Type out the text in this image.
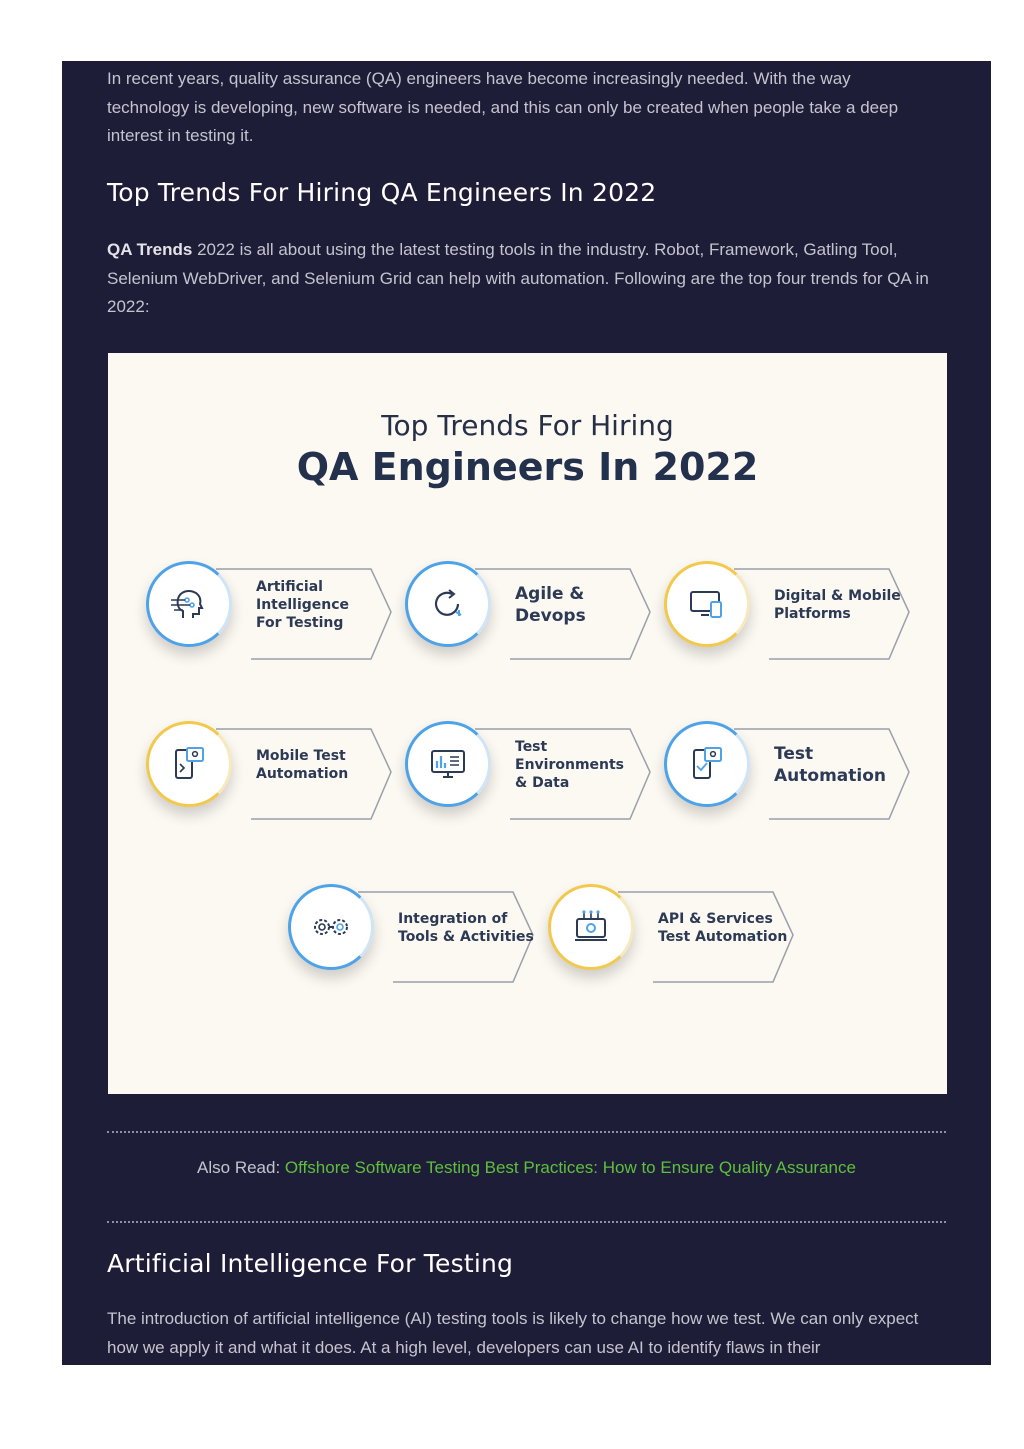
In recent years, quality assurance (QA) engineers have become increasingly needed. With the way technology is developing, new software is needed, and this can only be created when people take a deep interest in testing it.
Top Trends For Hiring QA Engineers In 2022
QA Trends 2022 is all about using the latest testing tools in the industry. Robot, Framework, Gatling Tool, Selenium WebDriver, and Selenium Grid can help with automation. Following are the top four trends for QA in 2022:
Top Trends For Hiring
QA Engineers In 2022
Artificial
Intelligence
For Testing
Agile &
Devops
Digital & Mobile
Platforms
Mobile Test
Automation
Test
Environments
& Data
Test
Automation
Integration of
Tools & Activities
API & Services
Test Automation
Also Read: Offshore Software Testing Best Practices: How to Ensure Quality Assurance
Artificial Intelligence For Testing
The introduction of artificial intelligence (AI) testing tools is likely to change how we test. We can only expect how we apply it and what it does. At a high level, developers can use AI to identify flaws in their
